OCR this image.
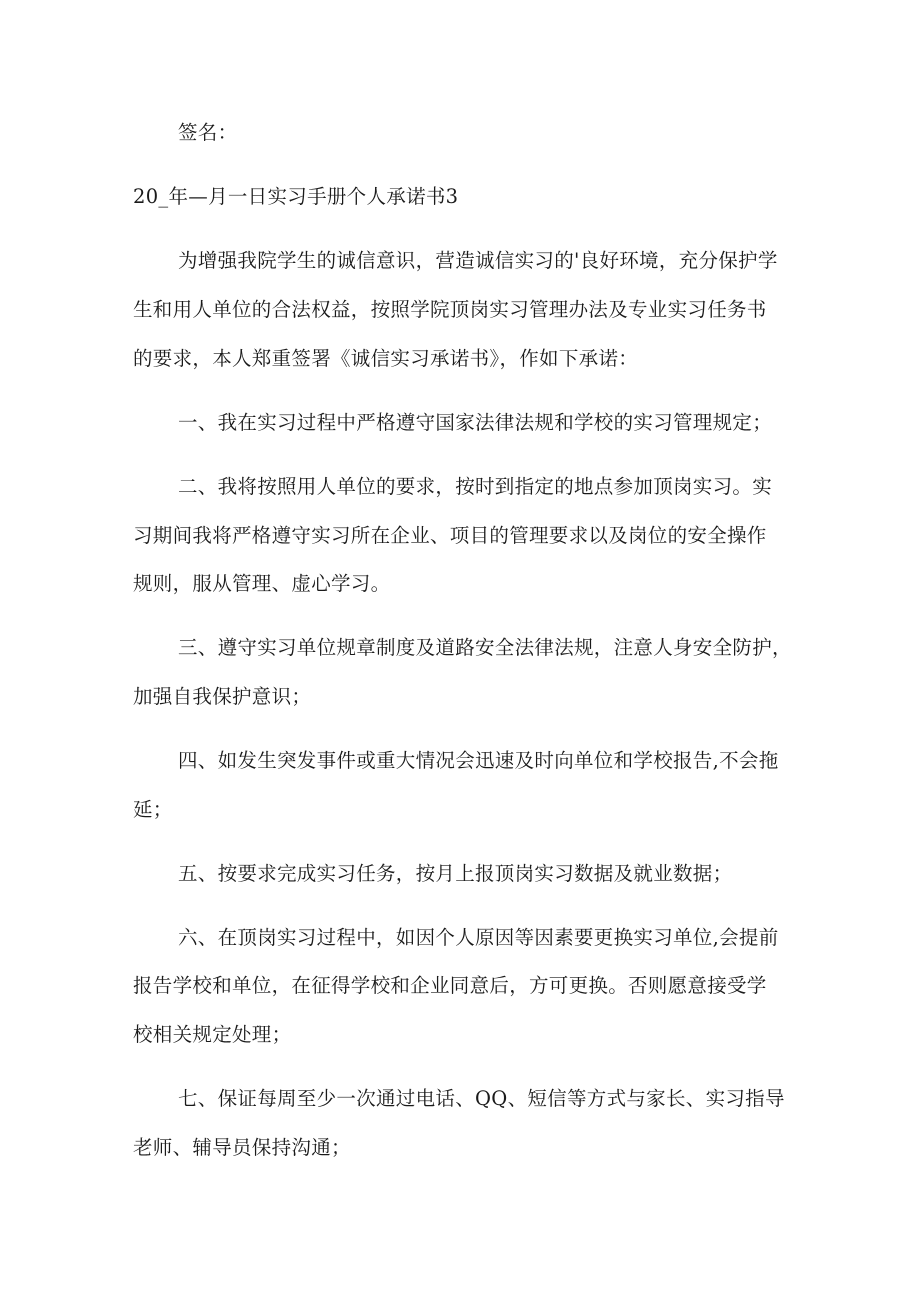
签名：
20_年—月一日实习手册个人承诺书3
为增强我院学生的诚信意识，营造诚信实习的'良好环境，充分保护学
生和用人单位的合法权益，按照学院顶岗实习管理办法及专业实习任务书
的要求，本人郑重签署《诚信实习承诺书》，作如下承诺：
一、我在实习过程中严格遵守国家法律法规和学校的实习管理规定；
二、我将按照用人单位的要求，按时到指定的地点参加顶岗实习。实
习期间我将严格遵守实习所在企业、项目的管理要求以及岗位的安全操作
规则，服从管理、虚心学习。
三、遵守实习单位规章制度及道路安全法律法规，注意人身安全防护，
加强自我保护意识；
四、如发生突发事件或重大情况会迅速及时向单位和学校报告,不会拖
延；
五、按要求完成实习任务，按月上报顶岗实习数据及就业数据；
六、在顶岗实习过程中，如因个人原因等因素要更换实习单位,会提前
报告学校和单位，在征得学校和企业同意后，方可更换。否则愿意接受学
校相关规定处理；
七、保证每周至少一次通过电话、QQ、短信等方式与家长、实习指导
老师、辅导员保持沟通；
